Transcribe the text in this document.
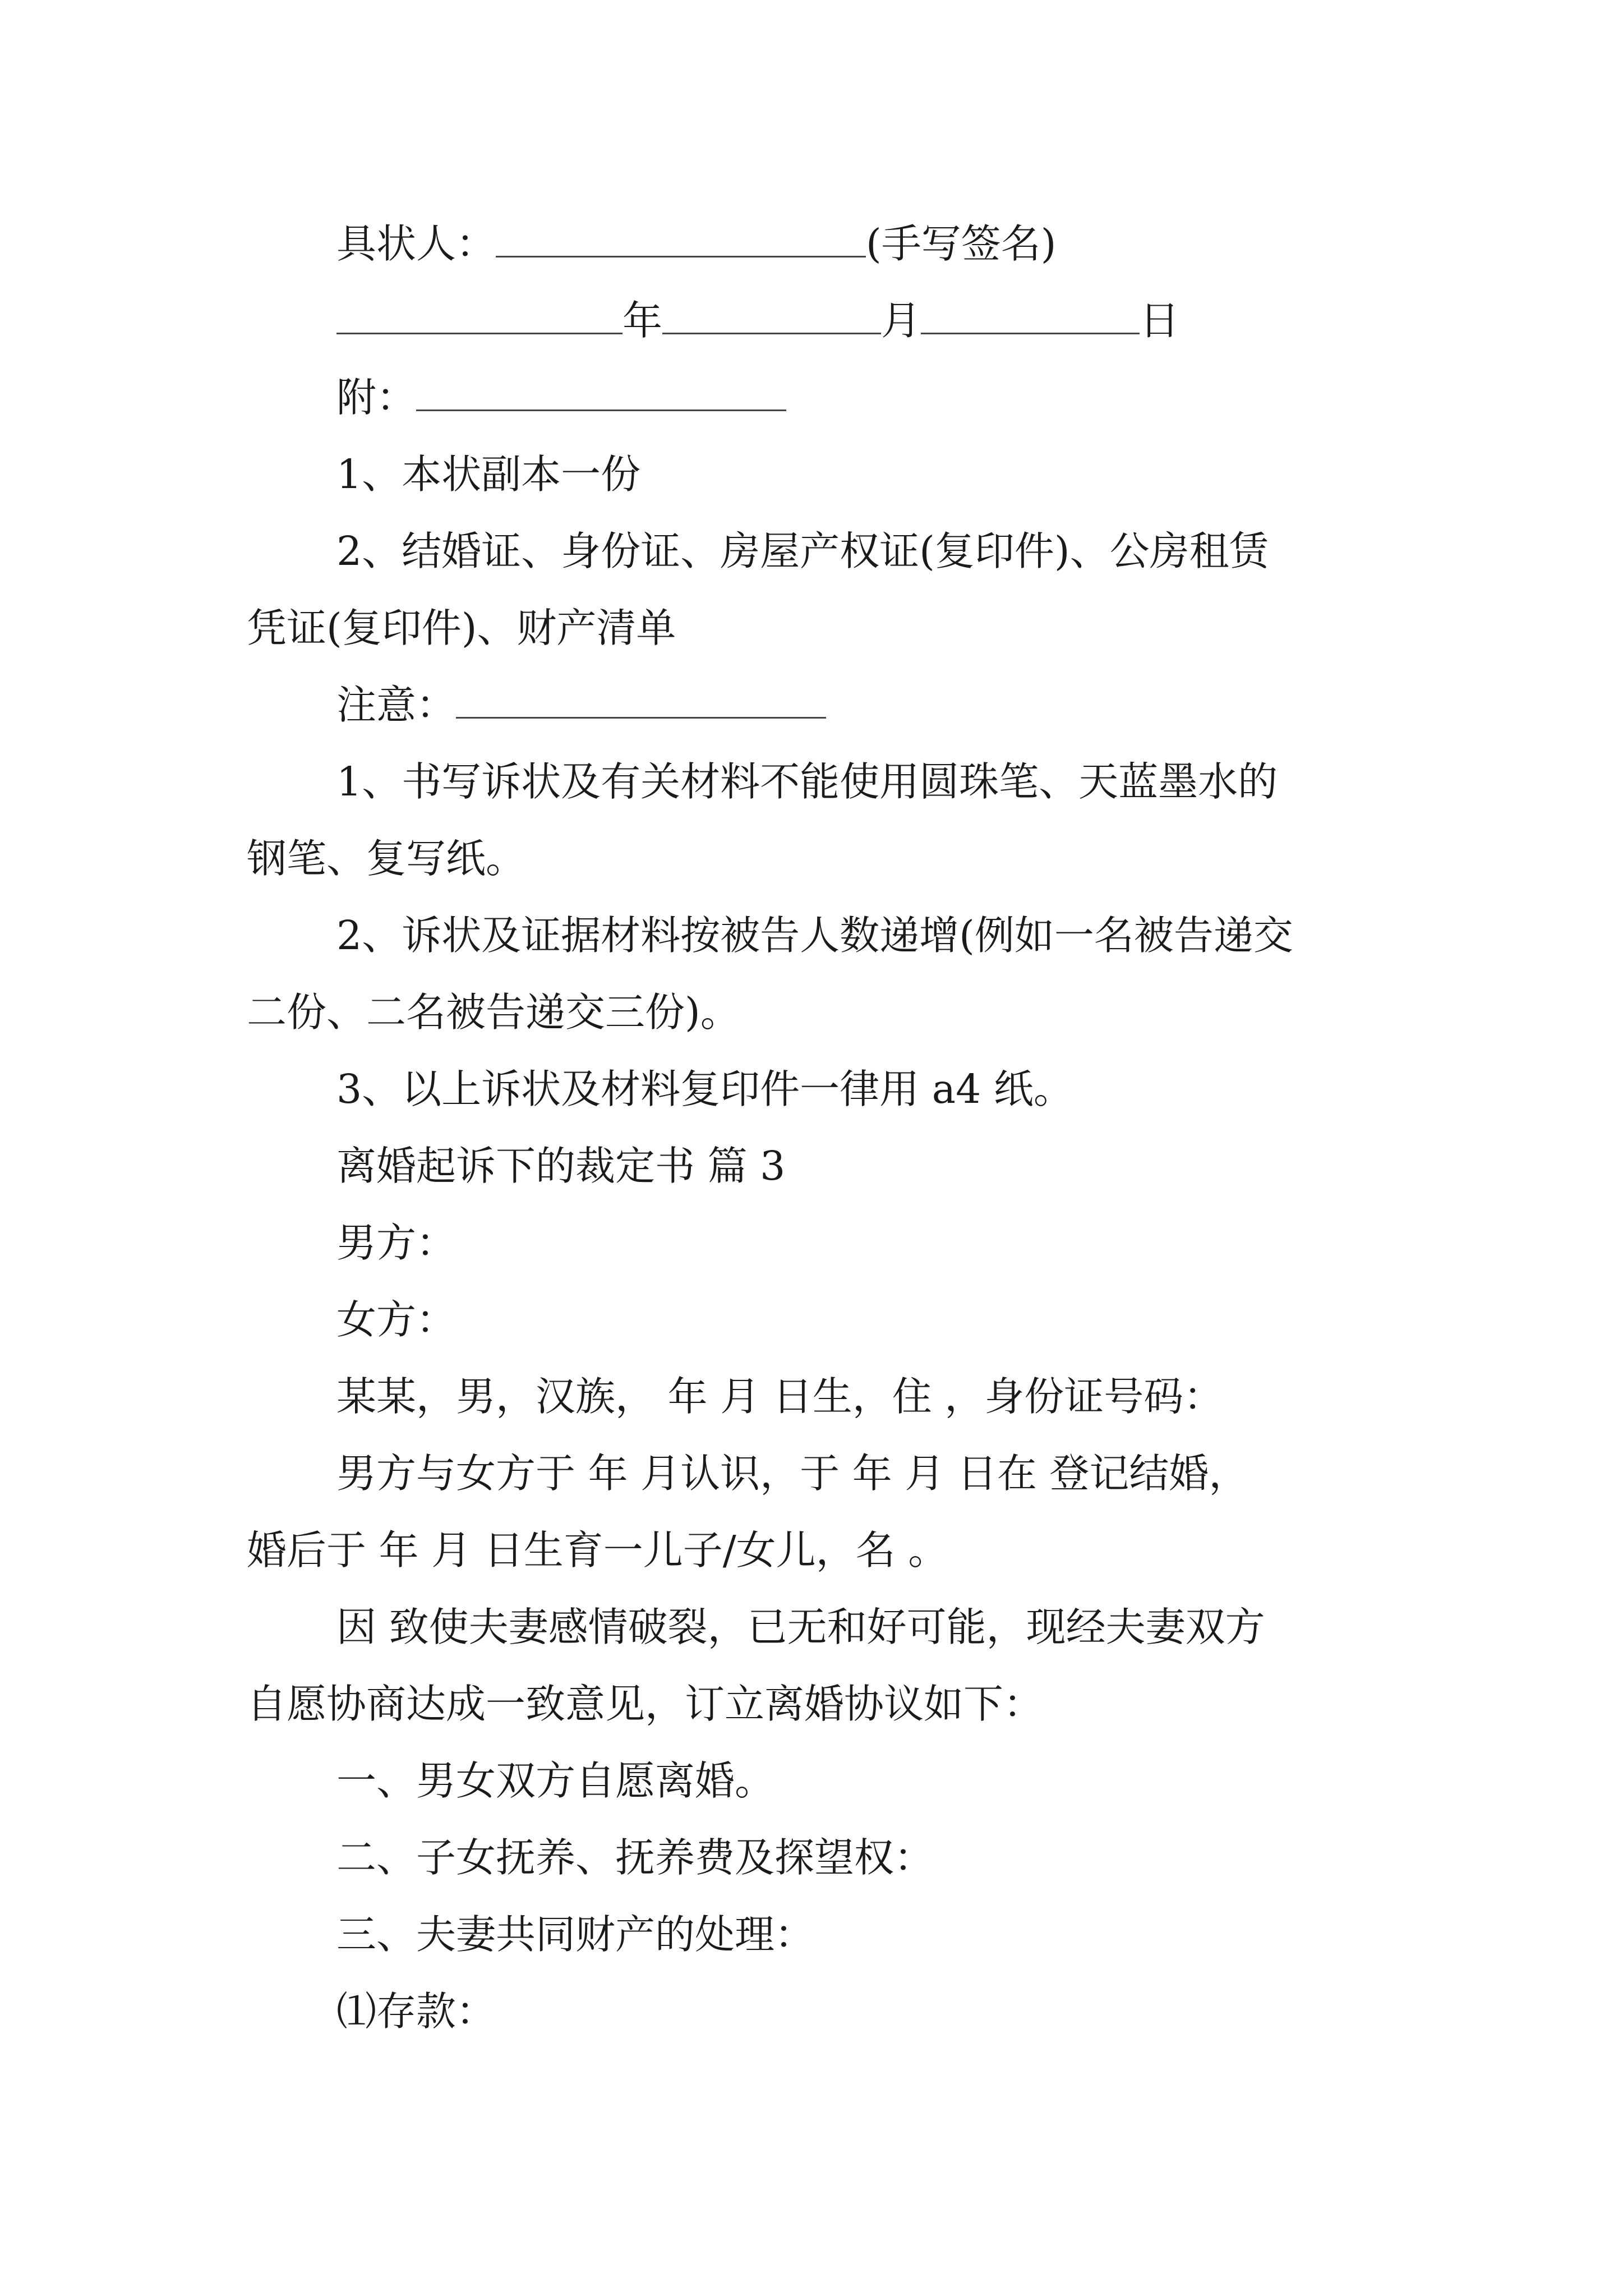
具状人：	(手写签名)
年	月	日
附：
1、本状副本一份
2、结婚证、身份证、房屋产权证(复印件)、公房租赁
凭证(复印件)、财产清单
注意：
1、书写诉状及有关材料不能使用圆珠笔、天蓝墨水的
钢笔、复写纸。
2、诉状及证据材料按被告人数递增(例如一名被告递交
二份、二名被告递交三份)。
3、以上诉状及材料复印件一律用 a4 纸。
离婚起诉下的裁定书 篇 3
男方：
女方：
某某，男，汉族， 年 月 日生，住 ，身份证号码：
男方与女方于 年 月认识，于 年 月 日在 登记结婚，
婚后于 年 月 日生育一儿子/女儿，名 。
因 致使夫妻感情破裂，已无和好可能，现经夫妻双方
自愿协商达成一致意见，订立离婚协议如下：
一、男女双方自愿离婚。
二、子女抚养、抚养费及探望权：
三、夫妻共同财产的处理：
⑴存款：
